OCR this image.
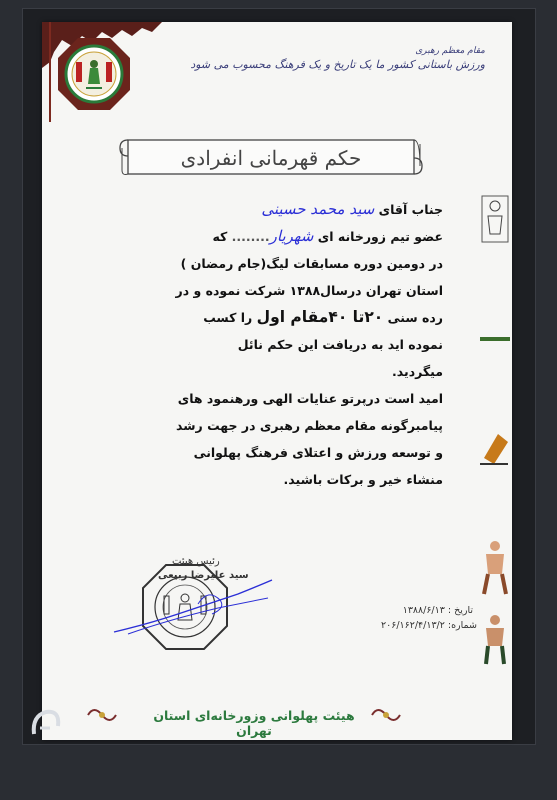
مقام معظم رهبری
ورزش باستانی کشور ما یک تاریخ و یک فرهنگ محسوب می شود
حکم قهرمانی انفرادی
جناب آقای سید محمد حسینی
عضو تیم زورخانه ای شهریار........ که
در دومین دوره مسابقات لیگ(جام رمضان )
استان تهران درسال۱۳۸۸ شرکت نموده و در
رده سنی ۲۰تا ۴۰مقام اول را کسب
نموده اید به دریافت این حکم نائل
میگردید.
امید است درپرتو عنایات الهی ورهنمود های
پیامبرگونه مقام معظم رهبری در جهت رشد
و توسعه ورزش و اعتلای فرهنگ پهلوانی
منشاء خیر و برکات باشید.
رئیس هیئت
سید علیرضا ربیعی
تاریخ : ۱۳۸۸/۶/۱۳
شماره: ۲۰۶/۱۶۲/۴/۱۳/۲
هیئت پهلوانی وزورخانه‌ای استان تهران
